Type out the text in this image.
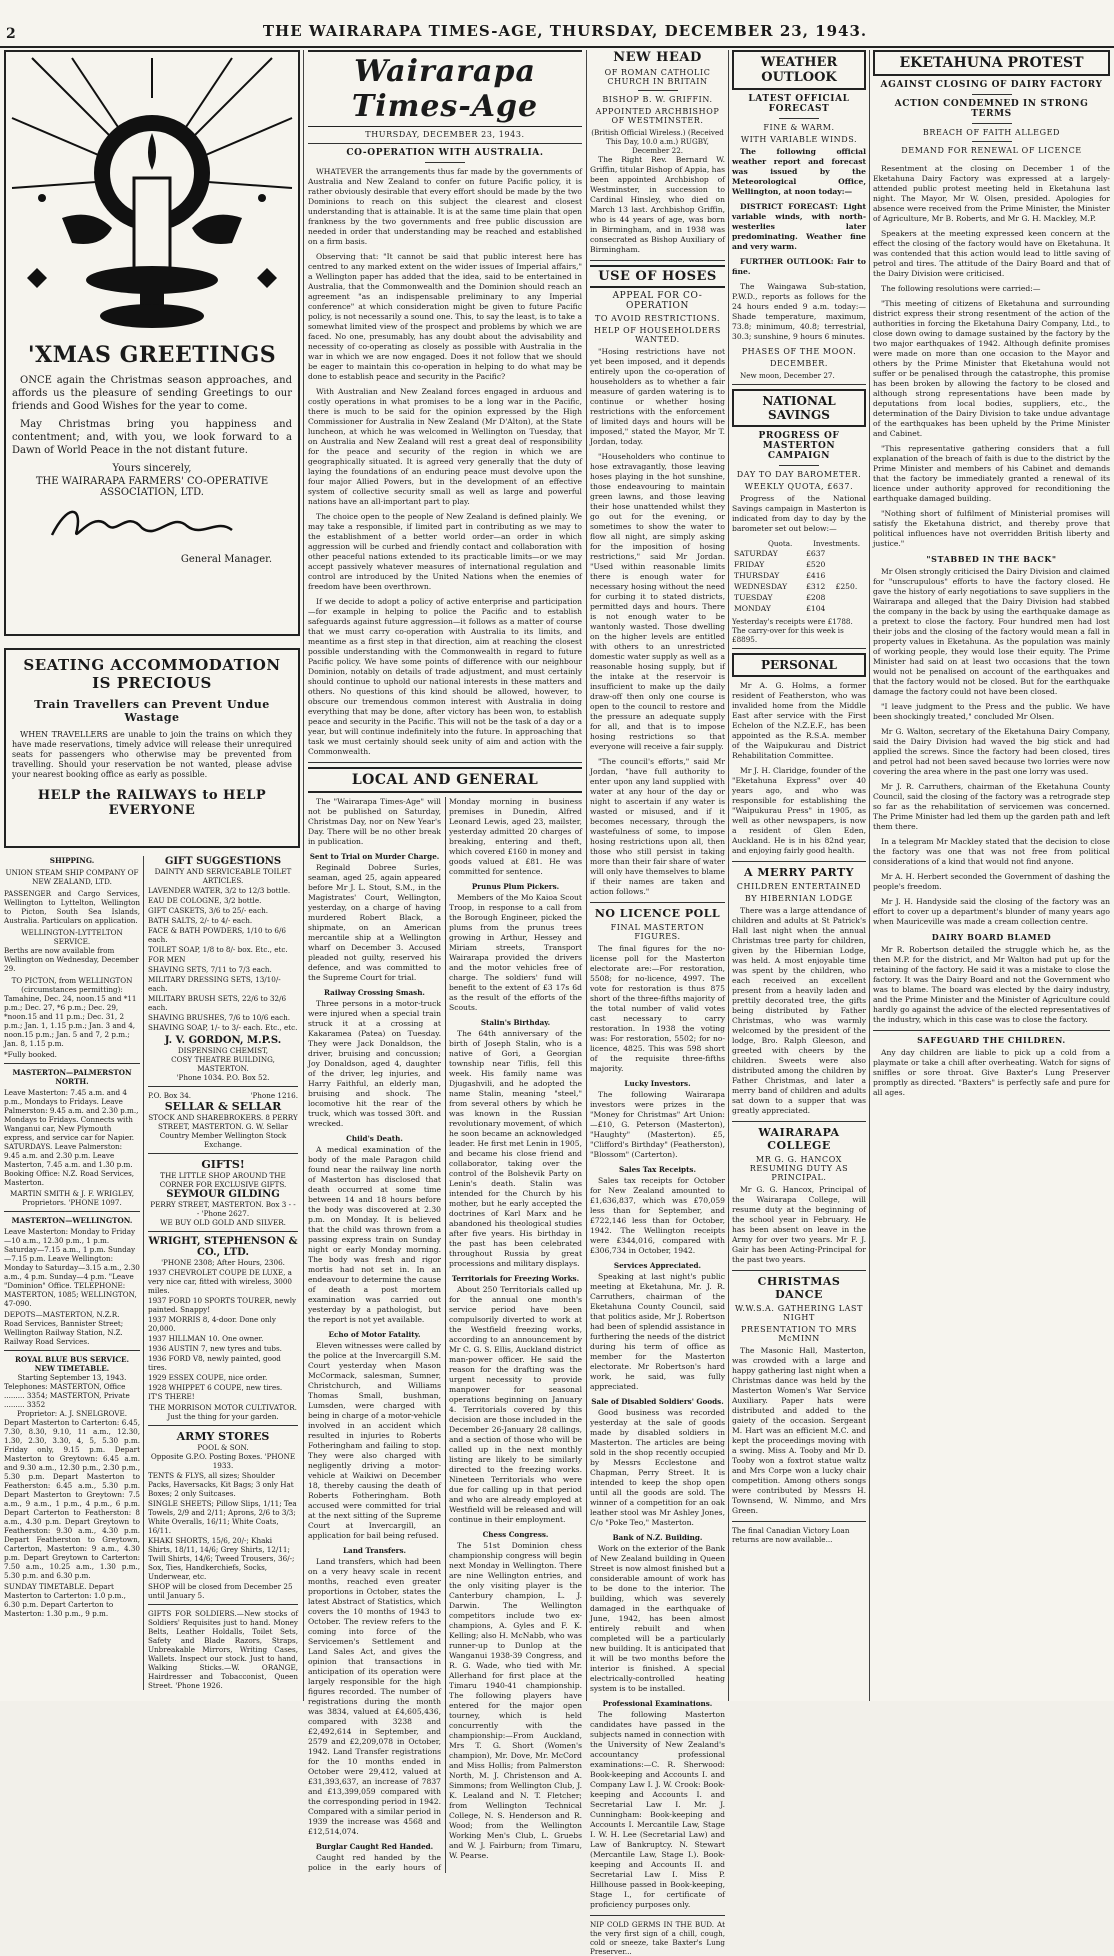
2	THE WAIRARAPA TIMES-AGE, THURSDAY, DECEMBER 23, 1943.
'XMAS GREETINGS
ONCE again the Christmas season approaches, and affords us the pleasure of sending Greetings to our friends and Good Wishes for the year to come.
May Christmas bring you happiness and contentment; and, with you, we look forward to a Dawn of World Peace in the not distant future.
Yours sincerely,
THE WAIRARAPA FARMERS' CO-OPERATIVE ASSOCIATION, LTD.
General Manager.
SEATING ACCOMMODATION IS PRECIOUS
Train Travellers can Prevent Undue Wastage
WHEN TRAVELLERS are unable to join the trains on which they have made reservations, timely advice will release their unrequired seats for passengers who otherwise may be prevented from travelling. Should your reservation be not wanted, please advise your nearest booking office as early as possible.
HELP the RAILWAYS to HELP EVERYONE
SHIPPING.
UNION STEAM SHIP COMPANY OF NEW ZEALAND, LTD.
PASSENGER and Cargo Services, Wellington to Lyttelton, Wellington to Picton, South Sea Islands, Australia. Particulars on application.
WELLINGTON-LYTTELTON SERVICE.
Berths are now available from Wellington on Wednesday, December 29.
TO PICTON, from WELLINGTON
(circumstances permitting):
Tamahine, Dec. 24, noon.15 and *11 p.m.; Dec. 27, *6 p.m.; Dec. 29, *noon.15 and 11 p.m.; Dec. 31, 2 p.m.; Jan. 1, 1.15 p.m.; Jan. 3 and 4, noon.15 p.m.; Jan. 5 and 7, 2 p.m.; Jan. 8, 1.15 p.m.
*Fully booked.
MASTERTON—PALMERSTON NORTH.
Leave Masterton: 7.45 a.m. and 4 p.m., Mondays to Fridays. Leave Palmerston: 9.45 a.m. and 2.30 p.m., Mondays to Fridays. Connects with Wanganui car, New Plymouth express, and service car for Napier. SATURDAYS. Leave Palmerston: 9.45 a.m. and 2.30 p.m. Leave Masterton, 7.45 a.m. and 1.30 p.m. Booking Office: N.Z. Road Services, Masterton.
MARTIN SMITH & J. F. WRIGLEY, Proprietors. 'PHONE 1097.
MASTERTON—WELLINGTON.
Leave Masterton: Monday to Friday—10 a.m., 12.30 p.m., 1 p.m. Saturday—7.15 a.m., 1 p.m. Sunday—7.15 p.m. Leave Wellington: Monday to Saturday—3.15 a.m., 2.30 a.m., 4 p.m. Sunday—4 p.m. "Leave "Dominion" Office. TELEPHONE: MASTERTON, 1085; WELLINGTON, 47-090.
DEPOTS—MASTERTON, N.Z.R. Road Services, Bannister Street; Wellington Railway Station, N.Z. Railway Road Services.
ROYAL BLUE BUS SERVICE. NEW TIMETABLE.
Starting September 13, 1943.
Telephones: MASTERTON, Office ......... 3354; MASTERTON, Private ......... 3352
Proprietor: A. J. SNELGROVE.
Depart Masterton to Carterton: 6.45, 7.30, 8.30, 9.10, 11 a.m., 12.30, 1.30, 2.30, 3.30, 4, 5, 5.30 p.m. Friday only, 9.15 p.m. Depart Masterton to Greytown: 6.45 a.m. and 9.30 a.m., 12.30 p.m., 2.30 p.m., 5.30 p.m. Depart Masterton to Featherston: 6.45 a.m., 5.30 p.m. Depart Masterton to Greytown: 7.5 a.m., 9 a.m., 1 p.m., 4 p.m., 6 p.m. Depart Carterton to Featherston: 8 a.m., 4.30 p.m. Depart Greytown to Featherston: 9.30 a.m., 4.30 p.m. Depart Featherston to Greytown, Carterton, Masterton: 9 a.m., 4.30 p.m. Depart Greytown to Carterton: 7.50 a.m., 10.25 a.m., 1.30 p.m., 5.30 p.m. and 6.30 p.m.
SUNDAY TIMETABLE. Depart Masterton to Carterton: 1.0 p.m., 6.30 p.m. Depart Carterton to Masterton: 1.30 p.m., 9 p.m.
GIFT SUGGESTIONS
DAINTY AND SERVICEABLE TOILET ARTICLES.
LAVENDER WATER, 3/2 to 12/3 bottle.
EAU DE COLOGNE, 3/2 bottle.
GIFT CASKETS, 3/6 to 25/- each.
BATH SALTS, 2/- to 4/- each.
FACE & BATH POWDERS, 1/10 to 6/6 each.
TOILET SOAP, 1/8 to 8/- box. Etc., etc.
FOR MEN
SHAVING SETS, 7/11 to 7/3 each.
MILITARY DRESSING SETS, 13/10/- each.
MILITARY BRUSH SETS, 22/6 to 32/6 each.
SHAVING BRUSHES, 7/6 to 10/6 each.
SHAVING SOAP, 1/- to 3/- each. Etc., etc.
J. V. GORDON, M.P.S.
DISPENSING CHEMIST,
COSY THEATRE BUILDING, MASTERTON.
'Phone 1034. P.O. Box 52.
P.O. Box 34.	'Phone 1216.
SELLAR & SELLAR
STOCK AND SHAREBROKERS. 8 PERRY STREET, MASTERTON. G. W. Sellar Country Member Wellington Stock Exchange.
GIFTS!
THE LITTLE SHOP AROUND THE CORNER FOR EXCLUSIVE GIFTS.
SEYMOUR GILDING
PERRY STREET, MASTERTON. Box 3 - - - 'Phone 2627.
WE BUY OLD GOLD AND SILVER.
WRIGHT, STEPHENSON & CO., LTD.
'PHONE 2308; After Hours, 2306.
1937 CHEVROLET COUPE DE LUXE, a very nice car, fitted with wireless, 3000 miles.
1937 FORD 10 SPORTS TOURER, newly painted. Snappy!
1937 MORRIS 8, 4-door. Done only 20,000.
1937 HILLMAN 10. One owner.
1936 AUSTIN 7, new tyres and tubs.
1936 FORD V8, newly painted, good tires.
1929 ESSEX COUPE, nice order.
1928 WHIPPET 6 COUPE, new tires. IT'S THERE!
THE MORRISON MOTOR CULTIVATOR. Just the thing for your garden.
ARMY STORES
POOL & SON.
Opposite G.P.O. Posting Boxes. 'PHONE 1933.
TENTS & FLYS, all sizes; Shoulder Packs, Haversacks, Kit Bags; 3 only Hat Boxes; 2 only Suitcases.
SINGLE SHEETS; Pillow Slips, 1/11; Tea Towels, 2/9 and 2/11; Aprons, 2/6 to 3/3; White Overalls, 16/11; White Coats, 16/11.
KHAKI SHORTS, 15/6, 20/-; Khaki Shirts, 18/11, 14/6; Grey Shirts, 12/11; Twill Shirts, 14/6; Tweed Trousers, 36/-; Sox, Ties, Handkerchiefs, Socks, Underwear, etc.
SHOP will be closed from December 25 until January 5.
GIFTS FOR SOLDIERS.—New stocks of Soldiers' Requisites just to hand. Money Belts, Leather Holdalls, Toilet Sets, Safety and Blade Razors, Straps, Unbreakable Mirrors, Writing Cases, Wallets. Inspect our stock. Just to hand, Walking Sticks.—W. ORANGE, Hairdresser and Tobacconist, Queen Street. 'Phone 1926.
Wairarapa Times-Age
THURSDAY, DECEMBER 23, 1943.
CO-OPERATION WITH AUSTRALIA.
WHATEVER the arrangements thus far made by the governments of Australia and New Zealand to confer on future Pacific policy, it is rather obviously desirable that every effort should be made by the two Dominions to reach on this subject the clearest and closest understanding that is attainable. It is at the same time plain that open frankness by the two governments and free public discussion are needed in order that understanding may be reached and established on a firm basis.
Observing that: "It cannot be said that public interest here has centred to any marked extent on the wider issues of Imperial affairs," a Wellington paper has added that the idea, said to be entertained in Australia, that the Commonwealth and the Dominion should reach an agreement "as an indispensable preliminary to any Imperial conference" at which consideration might be given to future Pacific policy, is not necessarily a sound one. This, to say the least, is to take a somewhat limited view of the prospect and problems by which we are faced. No one, presumably, has any doubt about the advisability and necessity of co-operating as closely as possible with Australia in the war in which we are now engaged. Does it not follow that we should be eager to maintain this co-operation in helping to do what may be done to establish peace and security in the Pacific?
With Australian and New Zealand forces engaged in arduous and costly operations in what promises to be a long war in the Pacific, there is much to be said for the opinion expressed by the High Commissioner for Australia in New Zealand (Mr D'Alton), at the State luncheon, at which he was welcomed in Wellington on Tuesday, that on Australia and New Zealand will rest a great deal of responsibility for the peace and security of the region in which we are geographically situated. It is agreed very generally that the duty of laying the foundations of an enduring peace must devolve upon the four major Allied Powers, but in the development of an effective system of collective security small as well as large and powerful nations have an all-important part to play.
The choice open to the people of New Zealand is defined plainly. We may take a responsible, if limited part in contributing as we may to the establishment of a better world order—an order in which aggression will be curbed and friendly contact and collaboration with other peaceful nations extended to its practicable limits—or we may accept passively whatever measures of international regulation and control are introduced by the United Nations when the enemies of freedom have been overthrown.
If we decide to adopt a policy of active enterprise and participation—for example in helping to police the Pacific and to establish safeguards against future aggression—it follows as a matter of course that we must carry co-operation with Australia to its limits, and meantime as a first step in that direction, aim at reaching the closest possible understanding with the Commonwealth in regard to future Pacific policy. We have some points of difference with our neighbour Dominion, notably on details of trade adjustment, and must certainly should continue to uphold our national interests in these matters and others. No questions of this kind should be allowed, however, to obscure our tremendous common interest with Australia in doing everything that may be done, after victory has been won, to establish peace and security in the Pacific. This will not be the task of a day or a year, but will continue indefinitely into the future. In approaching that task we must certainly should seek unity of aim and action with the Commonwealth.
LOCAL AND GENERAL
The "Wairarapa Times-Age" will not be published on Saturday, Christmas Day, nor on New Year's Day. There will be no other break in publication.
Sent to Trial on Murder Charge.
Reginald Dobree Surles, seaman, aged 25, again appeared before Mr J. L. Stout, S.M., in the Magistrates' Court, Wellington, yesterday, on a charge of having murdered Robert Black, a shipmate, on an American mercantile ship at a Wellington wharf on December 3. Accused pleaded not guilty, reserved his defence, and was committed to the Supreme Court for trial.
Railway Crossing Smash.
Three persons in a motor-truck were injured when a special train struck it at a crossing at Kakaramea (Patea) on Tuesday. They were Jack Donaldson, the driver, bruising and concussion; Joy Donaldson, aged 4, daughter of the driver, leg injuries, and Harry Faithful, an elderly man, bruising and shock. The locomotive hit the rear of the truck, which was tossed 30ft. and wrecked.
Child's Death.
A medical examination of the body of the male Paragon child found near the railway line north of Masterton has disclosed that death occurred at some time between 14 and 18 hours before the body was discovered at 2.30 p.m. on Monday. It is believed that the child was thrown from a passing express train on Sunday night or early Monday morning. The body was fresh and rigor mortis had not set in. In an endeavour to determine the cause of death a post mortem examination was carried out yesterday by a pathologist, but the report is not yet available.
Echo of Motor Fatality.
Eleven witnesses were called by the police at the Invercargill S.M. Court yesterday when Mason McCormack, salesman, Sumner, Christchurch, and Williams Thomas Small, bushman, Lumsden, were charged with being in charge of a motor-vehicle involved in an accident which resulted in injuries to Roberts Fotheringham and failing to stop. They were also charged with negligently driving a motor-vehicle at Waikiwi on December 18, thereby causing the death of Roberts Fotheringham. Both accused were committed for trial at the next sitting of the Supreme Court at Invercargill, an application for bail being refused.
Land Transfers.
Land transfers, which had been on a very heavy scale in recent months, reached even greater proportions in October, states the latest Abstract of Statistics, which covers the 10 months of 1943 to October. The review refers to the coming into force of the Servicemen's Settlement and Land Sales Act, and gives the opinion that transactions in anticipation of its operation were largely responsible for the high figures recorded. The number of registrations during the month was 3834, valued at £4,605,436, compared with 3238 and £2,492,614 in September, and 2579 and £2,209,078 in October, 1942. Land Transfer registrations for the 10 months ended in October were 29,412, valued at £31,393,637, an increase of 7837 and £13,399,059 compared with the corresponding period in 1942. Compared with a similar period in 1939 the increase was 4568 and £12,514,074.
Burglar Caught Red Handed.
Caught red handed by the police in the early hours of Monday morning in business premises in Dunedin, Alfred Leonard Lewis, aged 23, mailster, yesterday admitted 20 charges of breaking, entering and theft, which covered £160 in money and goods valued at £81. He was committed for sentence.
Prunus Plum Pickers.
Members of the Mo Kaioa Scout Troop, in response to a call from the Borough Engineer, picked the plums from the prunus trees growing in Arthur, Hessey and Miriam streets, Transport Wairarapa provided the drivers and the motor vehicles free of charge. The soldiers' fund will benefit to the extent of £3 17s 6d as the result of the efforts of the Scouts.
Stalin's Birthday.
The 64th anniversary of the birth of Joseph Stalin, who is a native of Gori, a Georgian township near Tiflis, fell this week. His family name was Djugashvili, and he adopted the name Stalin, meaning "steel," from several others by which he was known in the Russian revolutionary movement, of which he soon became an acknowledged leader. He first met Lenin in 1905, and became his close friend and collaborator, taking over the control of the Bolshevik Party on Lenin's death. Stalin was intended for the Church by his mother, but he early accepted the doctrines of Karl Marx and he abandoned his theological studies after five years. His birthday in the past has been celebrated throughout Russia by great processions and military displays.
Territorials for Freezing Works.
About 250 Territorials called up for the annual one month's service period have been compulsorily diverted to work at the Westfield freezing works, according to an announcement by Mr C. G. S. Ellis, Auckland district man-power officer. He said the reason for the drafting was the urgent necessity to provide manpower for seasonal operations beginning on January 4. Territorials covered by this decision are those included in the December 26-January 28 callings, and a section of those who will be called up in the next monthly listing are likely to be similarly directed to the freezing works. Nineteen Territorials who were due for calling up in that period and who are already employed at Westfield will be released and will continue in their employment.
Chess Congress.
The 51st Dominion chess championship congress will begin next Monday in Wellington. There are nine Wellington entries, and the only visiting player is the Canterbury champion, L. J. Darwin. The Wellington competitors include two ex-champions, A. Gyles and F. K. Kelling; also H. McNabb, who was runner-up to Dunlop at the Wanganui 1938-39 Congress, and R. G. Wade, who tied with Mr. Allerhand for first place at the Timaru 1940-41 championship. The following players have entered for the major open tourney, which is held concurrently with the championship:—From Auckland, Mrs T. G. Short (Women's champion), Mr. Dove, Mr. McCord and Miss Hollis; from Palmerston North, M. J. Christenson and A. Simmons; from Wellington Club, J. K. Lealand and N. T. Fletcher; from Wellington Technical College, N. S. Henderson and R. Wood; from the Wellington Working Men's Club, L. Gruebs and W. J. Fairburn; from Timaru, W. Pearse.
NEW HEAD
OF ROMAN CATHOLIC CHURCH IN BRITAIN
BISHOP B. W. GRIFFIN.
APPOINTED ARCHBISHOP OF WESTMINSTER.
(British Official Wireless.) (Received This Day, 10.0 a.m.) RUGBY, December 22.
The Right Rev. Bernard W. Griffin, titular Bishop of Appia, has been appointed Archbishop of Westminster, in succession to Cardinal Hinsley, who died on March 13 last. Archbishop Griffin, who is 44 years of age, was born in Birmingham, and in 1938 was consecrated as Bishop Auxiliary of Birmingham.
USE OF HOSES
APPEAL FOR CO-OPERATION
TO AVOID RESTRICTIONS.
HELP OF HOUSEHOLDERS WANTED.
"Hosing restrictions have not yet been imposed, and it depends entirely upon the co-operation of householders as to whether a fair measure of garden watering is to continue or whether hosing restrictions with the enforcement of limited days and hours will be imposed," stated the Mayor, Mr T. Jordan, today.
"Householders who continue to hose extravagantly, those leaving hoses playing in the hot sunshine, those endeavouring to maintain green lawns, and those leaving their hose unattended whilst they go out for the evening, or sometimes to show the water to flow all night, are simply asking for the imposition of hosing restrictions," said Mr Jordan. "Used within reasonable limits there is enough water for necessary hosing without the need for curbing it to stated districts, permitted days and hours. There is not enough water to be wantonly wasted. Those dwelling on the higher levels are entitled with others to an unrestricted domestic water supply as well as a reasonable hosing supply, but if the intake at the reservoir is insufficient to make up the daily draw-off then only one course is open to the council to restore and the pressure an adequate supply for all, and that is to impose hosing restrictions so that everyone will receive a fair supply.
"The council's efforts," said Mr Jordan, "have full authority to enter upon any land supplied with water at any hour of the day or night to ascertain if any water is wasted or misused, and if it becomes necessary, through the wastefulness of some, to impose hosing restrictions upon all, then those who still persist in taking more than their fair share of water will only have themselves to blame if their names are taken and action follows."
NO LICENCE POLL
FINAL MASTERTON FIGURES.
The final figures for the no-license poll for the Masterton electorate are:—For restoration, 5508; for no-licence, 4997. The vote for restoration is thus 875 short of the three-fifths majority of the total number of valid votes cast necessary to carry restoration. In 1938 the voting was: For restoration, 5502; for no-licence, 4825. This was 598 short of the requisite three-fifths majority.
Lucky Investors.
The following Wairarapa investors were prizes in the "Money for Christmas" Art Union:—£10, G. Peterson (Masterton), "Haughty" (Masterton). £5, "Clifford's Birthday" (Featherston), "Blossom" (Carterton).
Sales Tax Receipts.
Sales tax receipts for October for New Zealand amounted to £1,636,837, which was £70,059 less than for September, and £722,146 less than for October, 1942. The Wellington receipts were £344,016, compared with £306,734 in October, 1942.
Services Appreciated.
Speaking at last night's public meeting at Eketahuna, Mr. J. R. Carruthers, chairman of the Eketahuna County Council, said that politics aside, Mr J. Robertson had been of splendid assistance in furthering the needs of the district during his term of office as member for the Masterton electorate. Mr Robertson's hard work, he said, was fully appreciated.
Sale of Disabled Soldiers' Goods.
Good business was recorded yesterday at the sale of goods made by disabled soldiers in Masterton. The articles are being sold in the shop recently occupied by Messrs Ecclestone and Chapman, Perry Street. It is intended to keep the shop open until all the goods are sold. The winner of a competition for an oak leather stool was Mr Ashley Jones, C/o "Poke Teo," Masterton.
Bank of N.Z. Building.
Work on the exterior of the Bank of New Zealand building in Queen Street is now almost finished but a considerable amount of work has to be done to the interior. The building, which was severely damaged in the earthquake of June, 1942, has been almost entirely rebuilt and when completed will be a particularly new building. It is anticipated that it will be two months before the interior is finished. A special electrically-controlled heating system is to be installed.
Professional Examinations.
The following Masterton candidates have passed in the subjects named in connection with the University of New Zealand's accountancy professional examinations:—C. R. Sherwood: Book-keeping and Accounts I. and Company Law I. J. W. Crook: Book-keeping and Accounts I. and Secretarial Law I. Mr. J. Cunningham: Book-keeping and Accounts I. Mercantile Law, Stage I. W. H. Lee (Secretarial Law) and Law of Bankruptcy. N. Stewart (Mercantile Law, Stage I.). Book-keeping and Accounts II. and Secretarial Law I. Miss P. Hillhouse passed in Book-keeping, Stage I., for certificate of proficiency purposes only.
NIP COLD GERMS IN THE BUD. At the very first sign of a chill, cough, cold or sneeze, take Baxter's Lung Preserver...
WEATHER OUTLOOK
LATEST OFFICIAL FORECAST
FINE & WARM.
WITH VARIABLE WINDS.
The following official weather report and forecast was issued by the Meteorological Office, Wellington, at noon today:—
DISTRICT FORECAST: Light variable winds, with north-westerlies later predominating. Weather fine and very warm.
FURTHER OUTLOOK: Fair to fine.
The Waingawa Sub-station, P.W.D., reports as follows for the 24 hours ended 9 a.m. today:—Shade temperature, maximum, 73.8; minimum, 40.8; terrestrial, 30.3; sunshine, 9 hours 6 minutes.
PHASES OF THE MOON.
DECEMBER.
New moon, December 27.
NATIONAL SAVINGS
PROGRESS OF MASTERTON CAMPAIGN
DAY TO DAY BAROMETER.
WEEKLY QUOTA, £637.
Progress of the National Savings campaign in Masterton is indicated from day to day by the barometer set out below:—
Quota.	Investments.
SATURDAY	£637	
FRIDAY	£520	
THURSDAY	£416	
WEDNESDAY	£312	£250.
TUESDAY	£208	
MONDAY	£104	
Yesterday's receipts were £1788. The carry-over for this week is £8895.
PERSONAL
Mr A. G. Holms, a former resident of Featherston, who was invalided home from the Middle East after service with the First Echelon of the N.Z.E.F., has been appointed as the R.S.A. member of the Waipukurau and District Rehabilitation Committee.
Mr J. H. Claridge, founder of the "Eketahuna Express" over 40 years ago, and who was responsible for establishing the "Waipukurau Press" in 1905, as well as other newspapers, is now a resident of Glen Eden, Auckland. He is in his 82nd year, and enjoying fairly good health.
A MERRY PARTY
CHILDREN ENTERTAINED
BY HIBERNIAN LODGE
There was a large attendance of children and adults at St Patrick's Hall last night when the annual Christmas tree party for children, given by the Hibernian Lodge, was held. A most enjoyable time was spent by the children, who each received an excellent present from a heavily laden and prettily decorated tree, the gifts being distributed by Father Christmas, who was warmly welcomed by the president of the lodge, Bro. Ralph Gleeson, and greeted with cheers by the children. Sweets were also distributed among the children by Father Christmas, and later a merry band of children and adults sat down to a supper that was greatly appreciated.
WAIRARAPA COLLEGE
MR G. G. HANCOX RESUMING DUTY AS PRINCIPAL.
Mr G. G. Hancox, Principal of the Wairarapa College, will resume duty at the beginning of the school year in February. He has been absent on leave in the Army for over two years. Mr F. J. Gair has been Acting-Principal for the past two years.
CHRISTMAS DANCE
W.W.S.A. GATHERING LAST NIGHT
PRESENTATION TO MRS McMINN
The Masonic Hall, Masterton, was crowded with a large and happy gathering last night when a Christmas dance was held by the Masterton Women's War Service Auxiliary. Paper hats were distributed and added to the gaiety of the occasion. Sergeant M. Hart was an efficient M.C. and kept the proceedings moving with a swing. Miss A. Tooby and Mr D. Tooby won a foxtrot statue waltz and Mrs Corpe won a lucky chair competition. Among others songs were contributed by Messrs H. Townsend, W. Nimmo, and Mrs Green.
The final Canadian Victory Loan returns are now available...
EKETAHUNA PROTEST
AGAINST CLOSING OF DAIRY FACTORY
ACTION CONDEMNED IN STRONG TERMS
BREACH OF FAITH ALLEGED
DEMAND FOR RENEWAL OF LICENCE
Resentment at the closing on December 1 of the Eketahuna Dairy Factory was expressed at a largely-attended public protest meeting held in Eketahuna last night. The Mayor, Mr W. Olsen, presided. Apologies for absence were received from the Prime Minister, the Minister of Agriculture, Mr B. Roberts, and Mr G. H. Mackley, M.P.
Speakers at the meeting expressed keen concern at the effect the closing of the factory would have on Eketahuna. It was contended that this action would lead to little saving of petrol and tires. The attitude of the Dairy Board and that of the Dairy Division were criticised.
The following resolutions were carried:—
"This meeting of citizens of Eketahuna and surrounding district express their strong resentment of the action of the authorities in forcing the Eketahuna Dairy Company, Ltd., to close down owing to damage sustained by the factory by the two major earthquakes of 1942. Although definite promises were made on more than one occasion to the Mayor and others by the Prime Minister that Eketahuna would not suffer or be penalised through the catastrophe, this promise has been broken by allowing the factory to be closed and although strong representations have been made by deputations from local bodies, suppliers, etc., the determination of the Dairy Division to take undue advantage of the earthquakes has been upheld by the Prime Minister and Cabinet.
"This representative gathering considers that a full explanation of the breach of faith is due to the district by the Prime Minister and members of his Cabinet and demands that the factory be immediately granted a renewal of its licence under authority approved for reconditioning the earthquake damaged building.
"Nothing short of fulfilment of Ministerial promises will satisfy the Eketahuna district, and thereby prove that political influences have not overridden British liberty and justice."
"STABBED IN THE BACK"
Mr Olsen strongly criticised the Dairy Division and claimed for "unscrupulous" efforts to have the factory closed. He gave the history of early negotiations to save suppliers in the Wairarapa and alleged that the Dairy Division had stabbed the company in the back by using the earthquake damage as a pretext to close the factory. Four hundred men had lost their jobs and the closing of the factory would mean a fall in property values in Eketahuna. As the population was mainly of working people, they would lose their equity. The Prime Minister had said on at least two occasions that the town would not be penalised on account of the earthquakes and that the factory would not be closed. But for the earthquake damage the factory could not have been closed.
"I leave judgment to the Press and the public. We have been shockingly treated," concluded Mr Olsen.
Mr G. Walton, secretary of the Eketahuna Dairy Company, said the Dairy Division had waved the big stick and had applied the screws. Since the factory had been closed, tires and petrol had not been saved because two lorries were now covering the area where in the past one lorry was used.
Mr J. R. Carruthers, chairman of the Eketahuna County Council, said the closing of the factory was a retrograde step so far as the rehabilitation of servicemen was concerned. The Prime Minister had led them up the garden path and left them there.
In a telegram Mr Mackley stated that the decision to close the factory was one that was not free from political considerations of a kind that would not find anyone.
Mr A. H. Herbert seconded the Government of dashing the people's freedom.
Mr J. H. Handyside said the closing of the factory was an effort to cover up a department's blunder of many years ago when Mauriceville was made a cream collection centre.
DAIRY BOARD BLAMED
Mr R. Robertson detailed the struggle which he, as the then M.P. for the district, and Mr Walton had put up for the retaining of the factory. He said it was a mistake to close the factory. It was the Dairy Board and not the Government who was to blame. The board was elected by the dairy industry, and the Prime Minister and the Minister of Agriculture could hardly go against the advice of the elected representatives of the industry, which in this case was to close the factory.
SAFEGUARD THE CHILDREN.
Any day children are liable to pick up a cold from a playmate or take a chill after overheating. Watch for signs of sniffles or sore throat. Give Baxter's Lung Preserver promptly as directed. "Baxters" is perfectly safe and pure for all ages.
